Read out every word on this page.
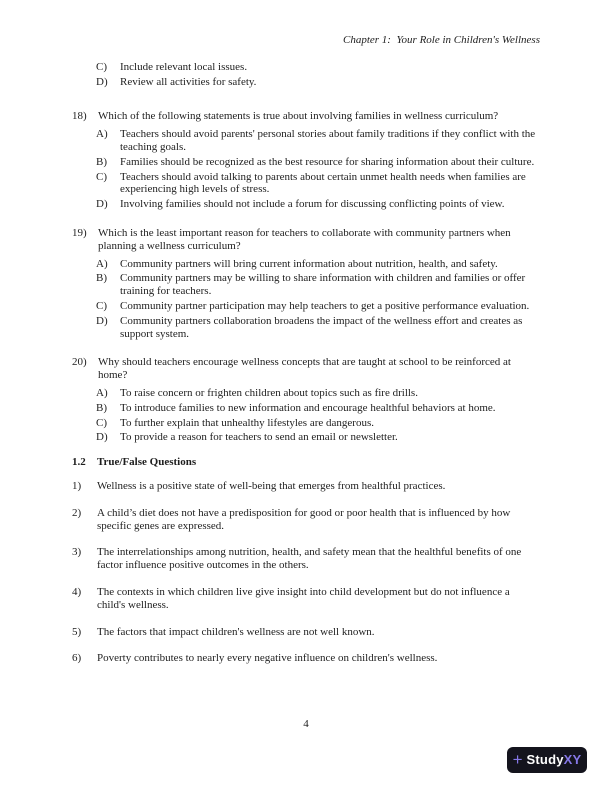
Chapter 1:  Your Role in Children's Wellness
C)	Include relevant local issues.
D)	Review all activities for safety.
18)	Which of the following statements is true about involving families in wellness curriculum?
A)	Teachers should avoid parents' personal stories about family traditions if they conflict with the teaching goals.
B)	Families should be recognized as the best resource for sharing information about their culture.
C)	Teachers should avoid talking to parents about certain unmet health needs when families are experiencing high levels of stress.
D)	Involving families should not include a forum for discussing conflicting points of view.
19)	Which is the least important reason for teachers to collaborate with community partners when planning a wellness curriculum?
A)	Community partners will bring current information about nutrition, health, and safety.
B)	Community partners may be willing to share information with children and families or offer training for teachers.
C)	Community partner participation may help teachers to get a positive performance evaluation.
D)	Community partners collaboration broadens the impact of the wellness effort and creates as support system.
20)	Why should teachers encourage wellness concepts that are taught at school to be reinforced at home?
A)	To raise concern or frighten children about topics such as fire drills.
B)	To introduce families to new information and encourage healthful behaviors at home.
C)	To further explain that unhealthy lifestyles are dangerous.
D)	To provide a reason for teachers to send an email or newsletter.
1.2	True/False Questions
1)	Wellness is a positive state of well-being that emerges from healthful practices.
2)	A child’s diet does not have a predisposition for good or poor health that is influenced by how specific genes are expressed.
3)	The interrelationships among nutrition, health, and safety mean that the healthful benefits of one factor influence positive outcomes in the others.
4)	The contexts in which children live give insight into child development but do not influence a child's wellness.
5)	The factors that impact children's wellness are not well known.
6)	Poverty contributes to nearly every negative influence on children's wellness.
4
+ Study XY
